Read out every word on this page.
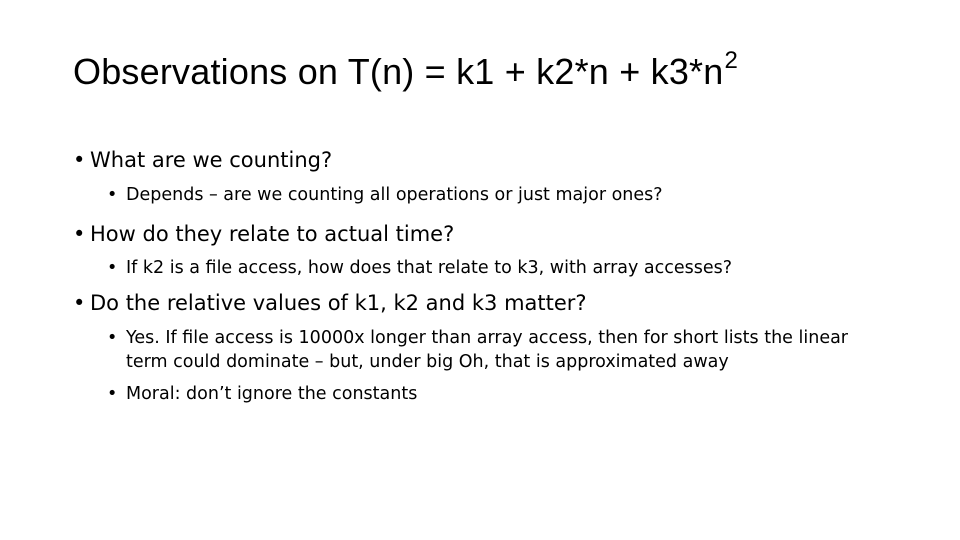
Observations on $T(n) = k1 + k2*n + k3*n^2$
• What are we counting?
• Depends – are we counting all operations or just major ones?
• How do they relate to actual time?
• If k2 is a file access, how does that relate to k3, with array accesses?
• Do the relative values of k1, k2 and k3 matter?
• Yes. If file access is 10000x longer than array access, then for short lists the linear term could dominate – but, under big Oh, that is approximated away
• Moral: don’t ignore the constants
